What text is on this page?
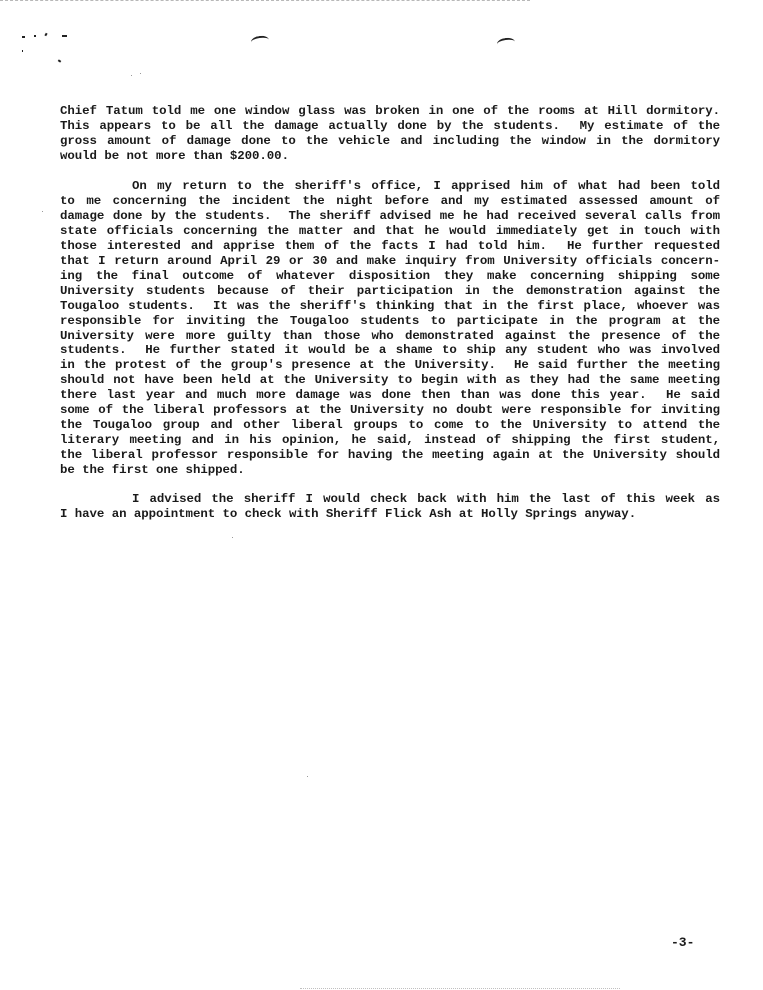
Chief Tatum told me one window glass was broken in one of the rooms at Hill dormitory.
This appears to be all the damage actually done by the students.  My estimate of the
gross amount of damage done to the vehicle and including the window in the dormitory
would be not more than $200.00.
On my return to the sheriff's office, I apprised him of what had been told
to me concerning the incident the night before and my estimated assessed amount of
damage done by the students.  The sheriff advised me he had received several calls from
state officials concerning the matter and that he would immediately get in touch with
those interested and apprise them of the facts I had told him.  He further requested
that I return around April 29 or 30 and make inquiry from University officials concern-
ing the final outcome of whatever disposition they make concerning shipping some
University students because of their participation in the demonstration against the
Tougaloo students.  It was the sheriff's thinking that in the first place, whoever was
responsible for inviting the Tougaloo students to participate in the program at the
University were more guilty than those who demonstrated against the presence of the
students.  He further stated it would be a shame to ship any student who was involved
in the protest of the group's presence at the University.  He said further the meeting
should not have been held at the University to begin with as they had the same meeting
there last year and much more damage was done then than was done this year.  He said
some of the liberal professors at the University no doubt were responsible for inviting
the Tougaloo group and other liberal groups to come to the University to attend the
literary meeting and in his opinion, he said, instead of shipping the first student,
the liberal professor responsible for having the meeting again at the University should
be the first one shipped.
I advised the sheriff I would check back with him the last of this week as
I have an appointment to check with Sheriff Flick Ash at Holly Springs anyway.
-3-
